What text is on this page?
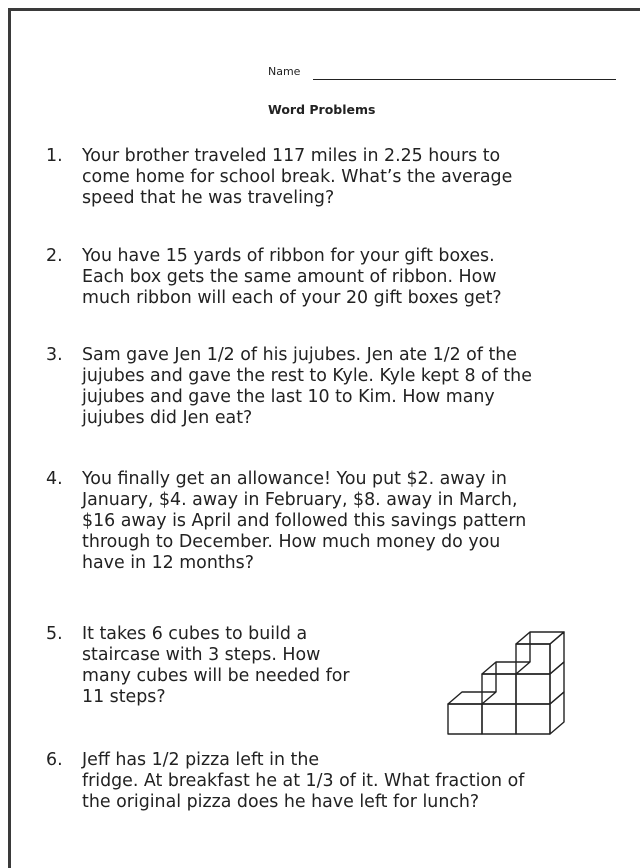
Name
Word Problems
1.	Your brother traveled 117 miles in 2.25 hours to
come home for school break. What’s the average
speed that he was traveling?
2.	You have 15 yards of ribbon for your gift boxes.
Each box gets the same amount of ribbon. How
much ribbon will each of your 20 gift boxes get?
3.	Sam gave Jen 1/2 of his jujubes. Jen ate 1/2 of the
jujubes and gave the rest to Kyle. Kyle kept 8 of the
jujubes and gave the last 10 to Kim. How many
jujubes did Jen eat?
4.	You finally get an allowance! You put $2. away in
January, $4. away in February, $8. away in March,
$16 away is April and followed this savings pattern
through to December. How much money do you
have in 12 months?
5.	It takes 6 cubes to build a
staircase with 3 steps. How
many cubes will be needed for
11 steps?
6.	Jeff has 1/2 pizza left in the
fridge. At breakfast he at 1/3 of it. What fraction of
the original pizza does he have left for lunch?
